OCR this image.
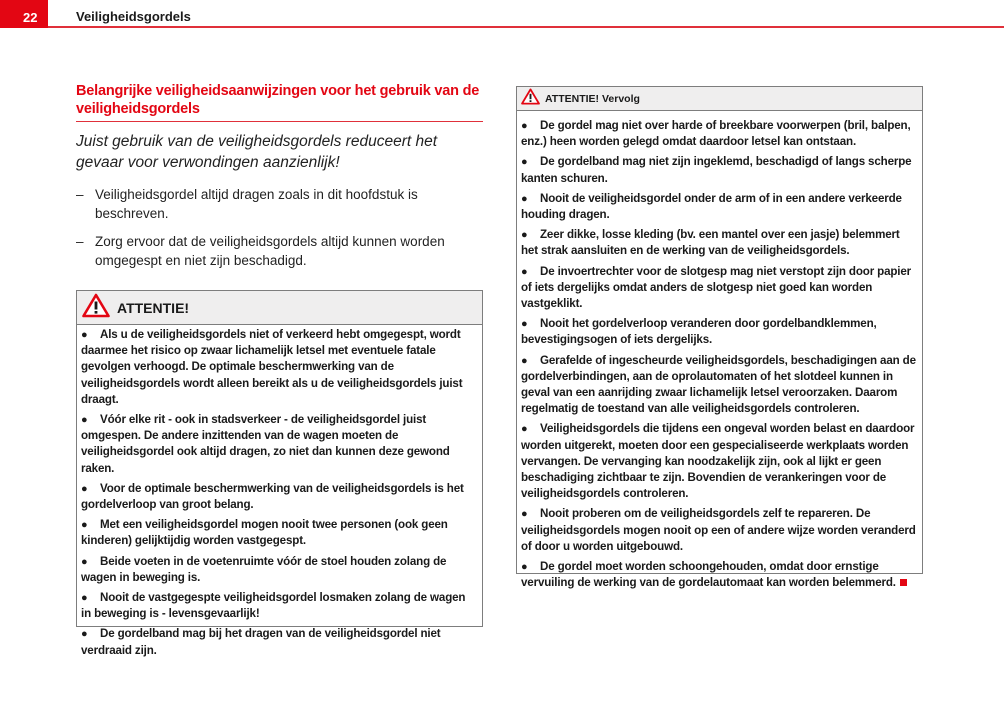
22	Veiligheidsgordels
Belangrijke veiligheidsaanwijzingen voor het gebruik van de veiligheidsgordels

Juist gebruik van de veiligheidsgordels reduceert het gevaar voor verwondingen aanzienlijk!

– Veiligheidsgordel altijd dragen zoals in dit hoofdstuk is beschreven.
– Zorg ervoor dat de veiligheidsgordels altijd kunnen worden omgegespt en niet zijn beschadigd.
ATTENTIE!

● Als u de veiligheidsgordels niet of verkeerd hebt omgegespt, wordt daarmee het risico op zwaar lichamelijk letsel met eventuele fatale gevolgen verhoogd. De optimale beschermwerking van de veiligheidsgordels wordt alleen bereikt als u de veiligheidsgordels juist draagt.

● Vóór elke rit - ook in stadsverkeer - de veiligheidsgordel juist omgespen. De andere inzittenden van de wagen moeten de veiligheidsgordel ook altijd dragen, zo niet dan kunnen deze gewond raken.

● Voor de optimale beschermwerking van de veiligheidsgordels is het gordelverloop van groot belang.

● Met een veiligheidsgordel mogen nooit twee personen (ook geen kinderen) gelijktijdig worden vastgegespt.

● Beide voeten in de voetenruimte vóór de stoel houden zolang de wagen in beweging is.

● Nooit de vastgegespte veiligheidsgordel losmaken zolang de wagen in beweging is - levensgevaarlijk!

● De gordelband mag bij het dragen van de veiligheidsgordel niet verdraaid zijn.

ATTENTIE! Vervolg

● De gordel mag niet over harde of breekbare voorwerpen (bril, balpen, enz.) heen worden gelegd omdat daardoor letsel kan ontstaan.

● De gordelband mag niet zijn ingeklemd, beschadigd of langs scherpe kanten schuren.

● Nooit de veiligheidsgordel onder de arm of in een andere verkeerde houding dragen.

● Zeer dikke, losse kleding (bv. een mantel over een jasje) belemmert het strak aansluiten en de werking van de veiligheidsgordels.

● De invoertrechter voor de slotgesp mag niet verstopt zijn door papier of iets dergelijks omdat anders de slotgesp niet goed kan worden vastgeklikt.

● Nooit het gordelverloop veranderen door gordelbandklemmen, bevestigingsogen of iets dergelijks.

● Gerafelde of ingescheurde veiligheidsgordels, beschadigingen aan de gordelverbindingen, aan de oprolautomaten of het slotdeel kunnen in geval van een aanrijding zwaar lichamelijk letsel veroorzaken. Daarom regelmatig de toestand van alle veiligheidsgordels controleren.

● Veiligheidsgordels die tijdens een ongeval worden belast en daardoor worden uitgerekt, moeten door een gespecialiseerde werkplaats worden vervangen. De vervanging kan noodzakelijk zijn, ook al lijkt er geen beschadiging zichtbaar te zijn. Bovendien de verankeringen voor de veiligheidsgordels controleren.

● Nooit proberen om de veiligheidsgordels zelf te repareren. De veiligheidsgordels mogen nooit op een of andere wijze worden veranderd of door u worden uitgebouwd.

● De gordel moet worden schoongehouden, omdat door ernstige vervuiling de werking van de gordelautomaat kan worden belemmerd.
